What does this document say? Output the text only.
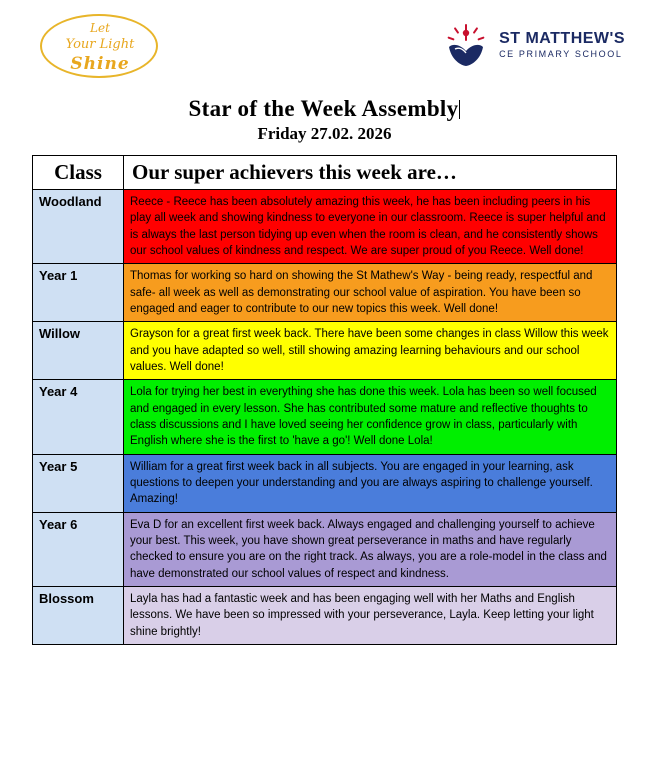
Let
Your Light
Shine
ST MATTHEW'S
CE PRIMARY SCHOOL
Star of the Week Assembly
Friday 27.02. 2026
Class	Our super achievers this week are…
Woodland	Reece - Reece has been absolutely amazing this week, he has been including peers in his play all week and showing kindness to everyone in our classroom. Reece is super helpful and is always the last person tidying up even when the room is clean, and he consistently shows our school values of kindness and respect. We are super proud of you Reece. Well done!
Year 1	Thomas for working so hard on showing the St Mathew's Way - being ready, respectful and safe- all week as well as demonstrating our school value of aspiration. You have been so engaged and eager to contribute to our new topics this week. Well done!
Willow	Grayson for a great first week back. There have been some changes in class Willow this week and you have adapted so well, still showing amazing learning behaviours and our school values. Well done!
Year 4	Lola for trying her best in everything she has done this week. Lola has been so well focused and engaged in every lesson. She has contributed some mature and reflective thoughts to class discussions and I have loved seeing her confidence grow in class, particularly with English where she is the first to 'have a go'! Well done Lola!
Year 5	William for a great first week back in all subjects. You are engaged in your learning, ask questions to deepen your understanding and you are always aspiring to challenge yourself. Amazing!
Year 6	Eva D for an excellent first week back. Always engaged and challenging yourself to achieve your best. This week, you have shown great perseverance in maths and have regularly checked to ensure you are on the right track. As always, you are a role-model in the class and have demonstrated our school values of respect and kindness.
Blossom	Layla has had a fantastic week and has been engaging well with her Maths and English lessons. We have been so impressed with your perseverance, Layla. Keep letting your light shine brightly!
